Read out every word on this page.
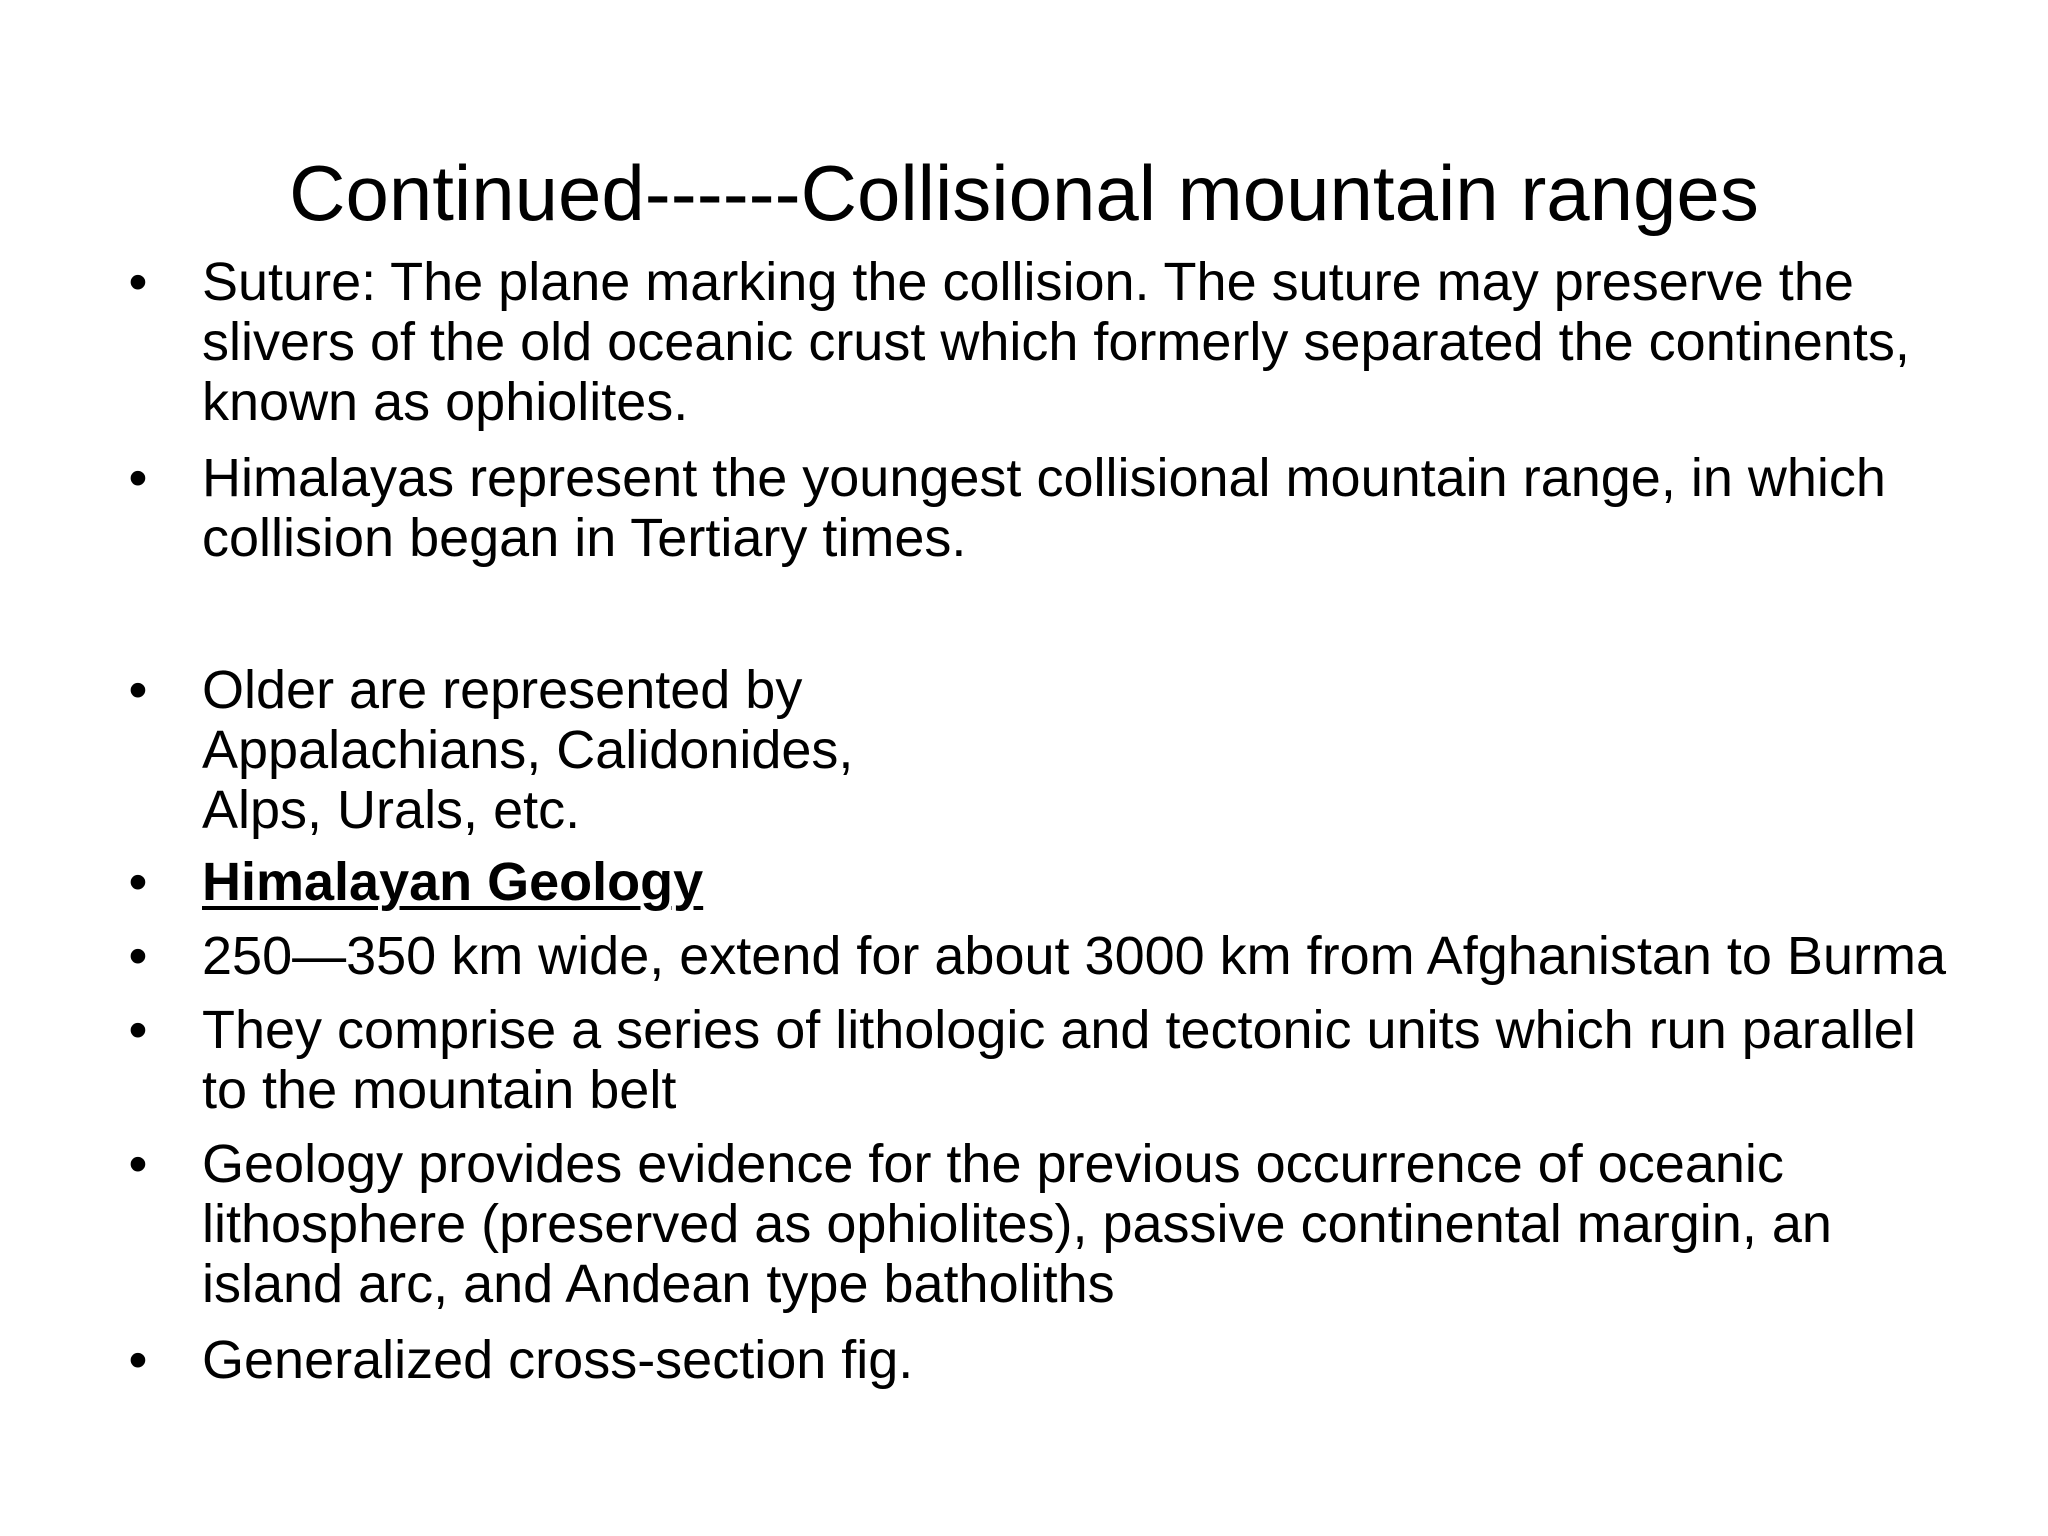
Continued------Collisional mountain ranges
• Suture: The plane marking the collision. The suture may preserve the slivers of the old oceanic crust which formerly separated the continents, known as ophiolites.
• Himalayas represent the youngest collisional mountain range, in which collision began in Tertiary times.
• Older are represented by Appalachians, Calidonides, Alps, Urals, etc.
• Himalayan Geology
• 250—350 km wide, extend for about 3000 km from Afghanistan to Burma
• They comprise a series of lithologic and tectonic units which run parallel to the mountain belt
• Geology provides evidence for the previous occurrence of oceanic lithosphere (preserved as ophiolites), passive continental margin, an island arc, and Andean type batholiths
• Generalized cross-section fig.
